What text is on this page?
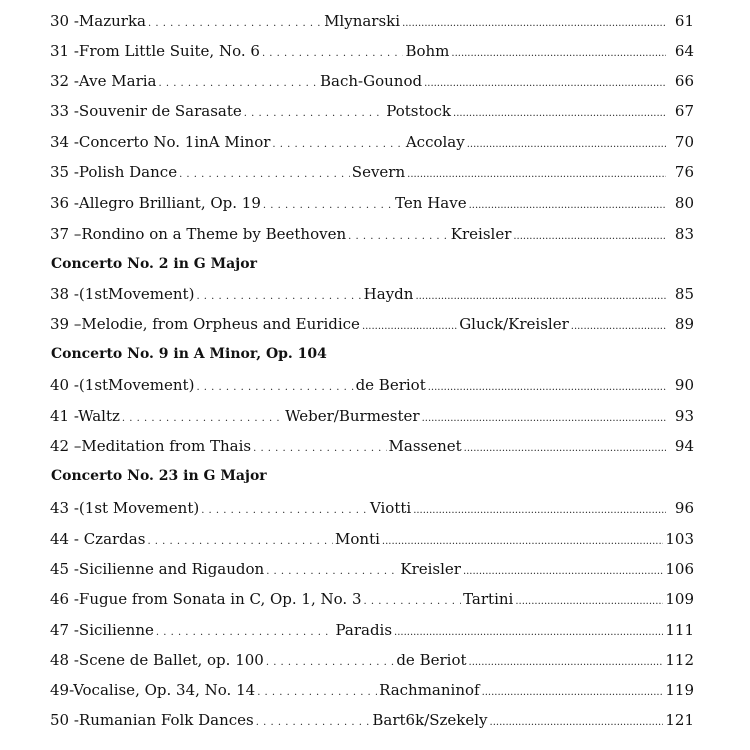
30 -Mazurka . . .	Mlynarski .....	61
31 -From Little Suite, No. 6 . . .	Bohm .....	64
32 -Ave Maria . . .	Bach-Gounod .....	66
33 -Souvenir de Sarasate . . .	Potstock .....	67
34 -Concerto No. 1inA Minor . . .	Accolay .....	70
35 -Polish Dance . . .	Severn .....	76
36 -Allegro Brilliant, Op. 19 . . .	Ten Have .....	80
37 –Rondino on a Theme by Beethoven . . .	Kreisler .....	83
Concerto No. 2 in G Major
38 -(1stMovement) . . .	Haydn .....	85
39 –Melodie, from Orpheus and Euridice .....	Gluck/Kreisler .....	89
Concerto No. 9 in A Minor, Op. 104
40 -(1stMovement) . . .	de Beriot .....	90
41 -Waltz . . .	Weber/Burmester .....	93
42 –Meditation from Thais . . .	Massenet .....	94
Concerto No. 23 in G Major
43 -(1st Movement) . . .	Viotti .....	96
44 - Czardas . . .	Monti .....	103
45 -Sicilienne and Rigaudon . . .	Kreisler .....	106
46 -Fugue from Sonata in C, Op. 1, No. 3 . . .	Tartini .....	109
47 -Sicilienne . . .	Paradis .....	111
48 -Scene de Ballet, op. 100 . . .	de Beriot .....	112
49-Vocalise, Op. 34, No. 14 . . .	Rachmaninof .....	119
50 -Rumanian Folk Dances . . .	Bart6k/Szekely .....	121
